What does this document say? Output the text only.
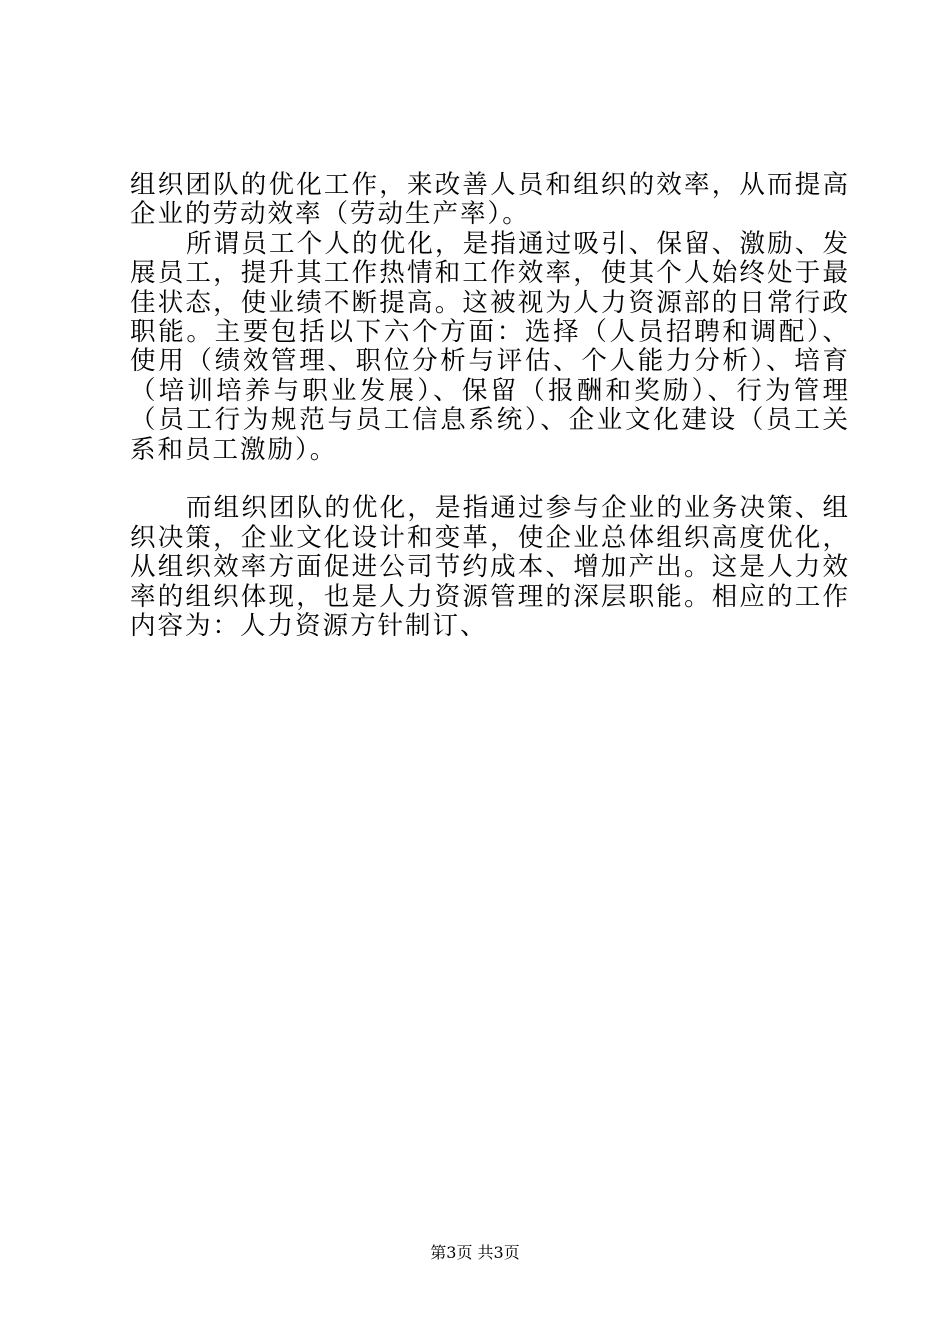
组织团队的优化工作，来改善人员和组织的效率，从而提高企业的劳动效率（劳动生产率）。

所谓员工个人的优化，是指通过吸引、保留、激励、发展员工，提升其工作热情和工作效率，使其个人始终处于最佳状态，使业绩不断提高。这被视为人力资源部的日常行政职能。主要包括以下六个方面：选择（人员招聘和调配）、使用（绩效管理、职位分析与评估、个人能力分析）、培育（培训培养与职业发展）、保留（报酬和奖励）、行为管理（员工行为规范与员工信息系统）、企业文化建设（员工关系和员工激励）。

而组织团队的优化，是指通过参与企业的业务决策、组织决策，企业文化设计和变革，使企业总体组织高度优化，从组织效率方面促进公司节约成本、增加产出。这是人力效率的组织体现，也是人力资源管理的深层职能。相应的工作内容为：人力资源方针制订、

第3页 共3页
